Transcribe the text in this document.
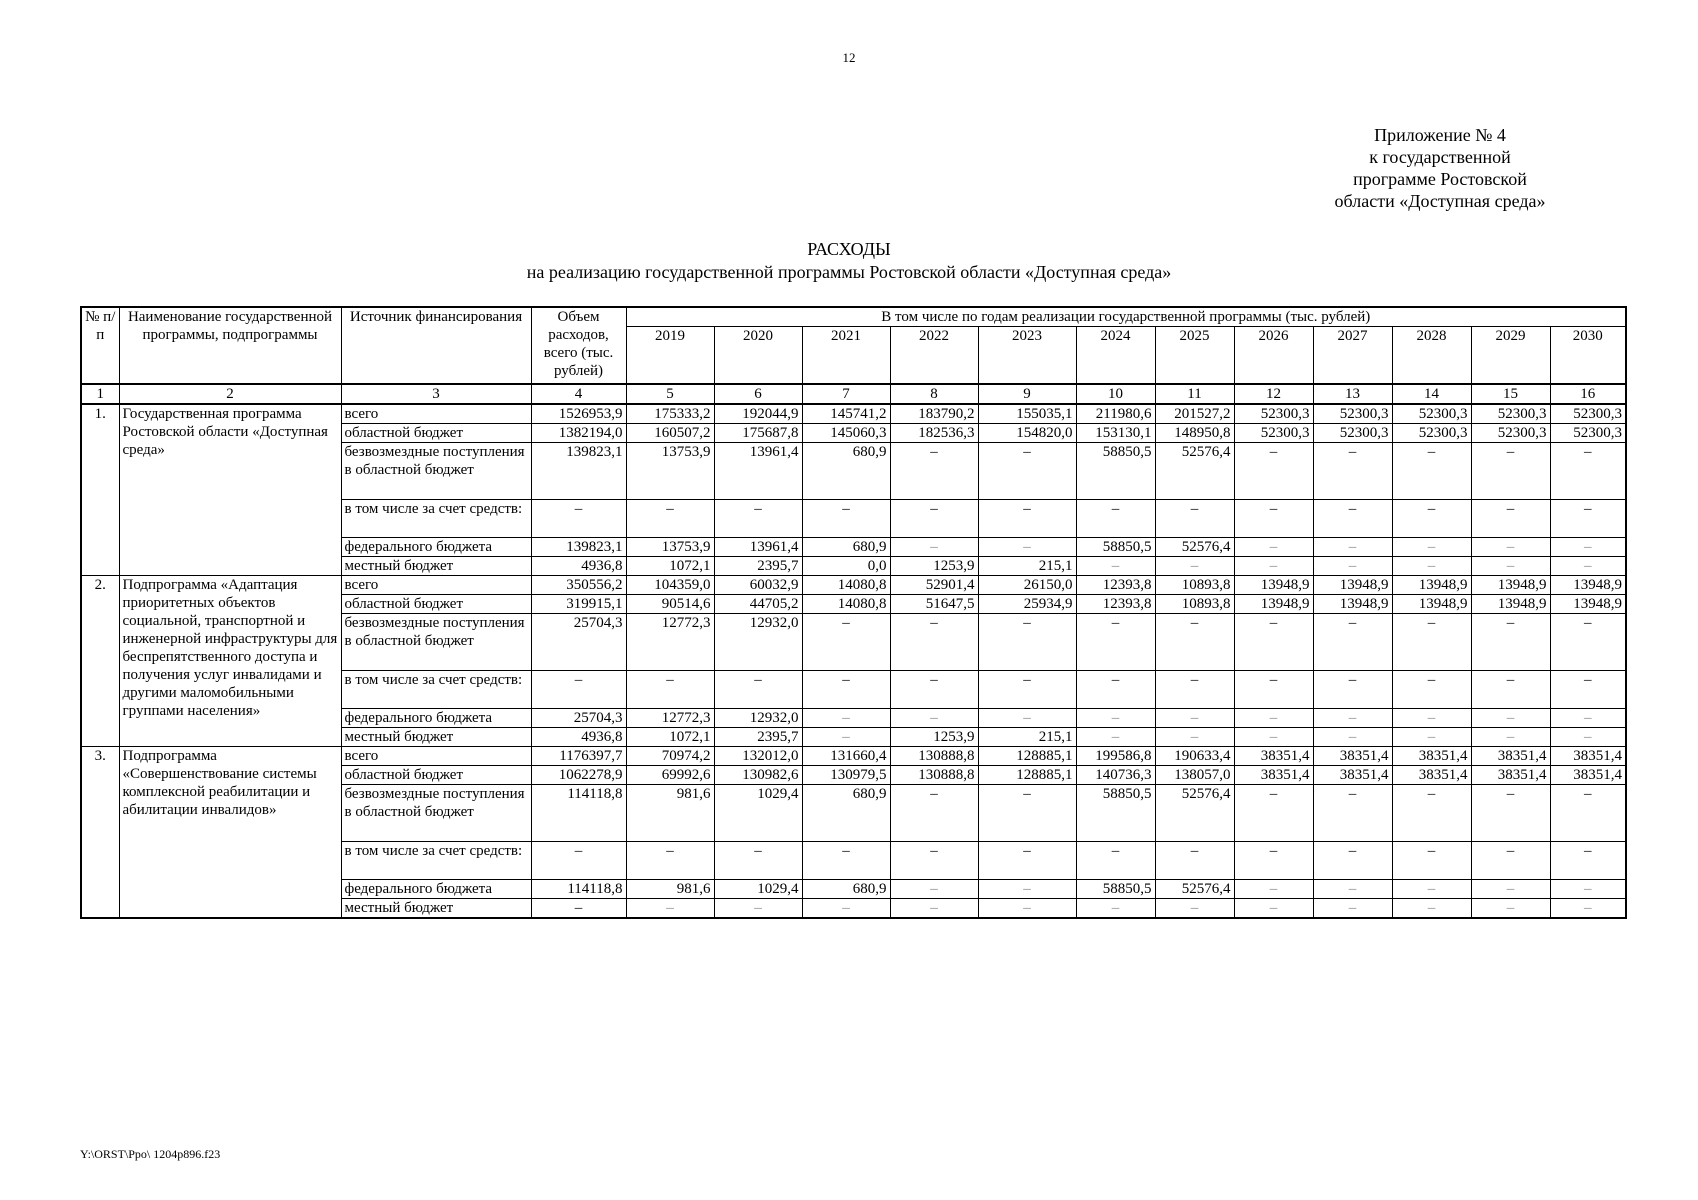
12
Приложение № 4
к государственной
программе Ростовской
области «Доступная среда»
РАСХОДЫ
на реализацию государственной программы Ростовской области «Доступная среда»
№ п/п	Наименование государственной программы, подпрограммы	Источник финансирования	Объем расходов, всего (тыс. рублей)	В том числе по годам реализации государственной программы (тыс. рублей)											
				2019	2020	2021	2022	2023	2024	2025	2026	2027	2028	2029	2030
1	2	3	4	5	6	7	8	9	10	11	12	13	14	15	16
1.	Государственная программа Ростовской области «Доступная среда»	всего	1526953,9	175333,2	192044,9	145741,2	183790,2	155035,1	211980,6	201527,2	52300,3	52300,3	52300,3	52300,3	52300,3
		областной бюджет	1382194,0	160507,2	175687,8	145060,3	182536,3	154820,0	153130,1	148950,8	52300,3	52300,3	52300,3	52300,3	52300,3
		безвозмездные поступления в областной бюджет	139823,1	13753,9	13961,4	680,9	–	–	58850,5	52576,4	–	–	–	–	–
		в том числе за счет средств:	–	–	–	–	–	–	–	–	–	–	–	–	–
		федерального бюджета	139823,1	13753,9	13961,4	680,9	–	–	58850,5	52576,4	–	–	–	–	–
		местный бюджет	4936,8	1072,1	2395,7	0,0	1253,9	215,1	–	–	–	–	–	–	–
2.	Подпрограмма «Адаптация приоритетных объектов социальной, транспортной и инженерной инфраструктуры для беспрепятственного доступа и получения услуг инвалидами и другими маломобильными группами населения»	всего	350556,2	104359,0	60032,9	14080,8	52901,4	26150,0	12393,8	10893,8	13948,9	13948,9	13948,9	13948,9	13948,9
		областной бюджет	319915,1	90514,6	44705,2	14080,8	51647,5	25934,9	12393,8	10893,8	13948,9	13948,9	13948,9	13948,9	13948,9
		безвозмездные поступления в областной бюджет	25704,3	12772,3	12932,0	–	–	–	–	–	–	–	–	–	–
		в том числе за счет средств:	–	–	–	–	–	–	–	–	–	–	–	–	–
		федерального бюджета	25704,3	12772,3	12932,0	–	–	–	–	–	–	–	–	–	–
		местный бюджет	4936,8	1072,1	2395,7	–	1253,9	215,1	–	–	–	–	–	–	–
3.	Подпрограмма «Совершенствование системы комплексной реабилитации и абилитации инвалидов»	всего	1176397,7	70974,2	132012,0	131660,4	130888,8	128885,1	199586,8	190633,4	38351,4	38351,4	38351,4	38351,4	38351,4
		областной бюджет	1062278,9	69992,6	130982,6	130979,5	130888,8	128885,1	140736,3	138057,0	38351,4	38351,4	38351,4	38351,4	38351,4
		безвозмездные поступления в областной бюджет	114118,8	981,6	1029,4	680,9	–	–	58850,5	52576,4	–	–	–	–	–
		в том числе за счет средств:	–	–	–	–	–	–	–	–	–	–	–	–	–
		федерального бюджета	114118,8	981,6	1029,4	680,9	–	–	58850,5	52576,4	–	–	–	–	–
		местный бюджет	–	–	–	–	–	–	–	–	–	–	–	–	–
Y:\ORST\Ppo\ 1204p896.f23
